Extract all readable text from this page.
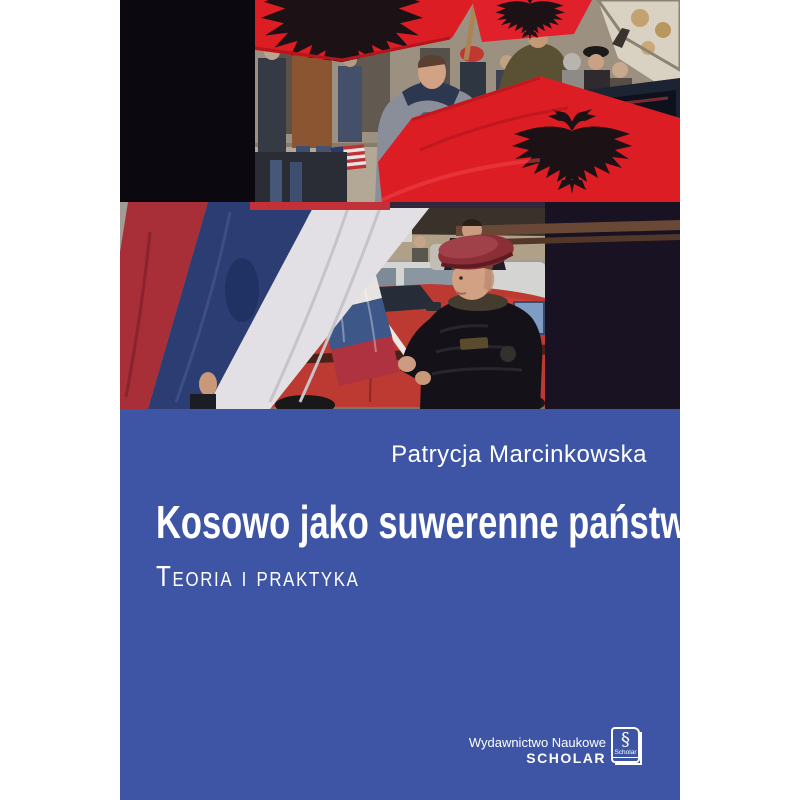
Patrycja Marcinkowska
Kosowo jako suwerenne państwo
Teoria i praktyka
Wydawnictwo Naukowe
SCHOLAR
§
Scholar
